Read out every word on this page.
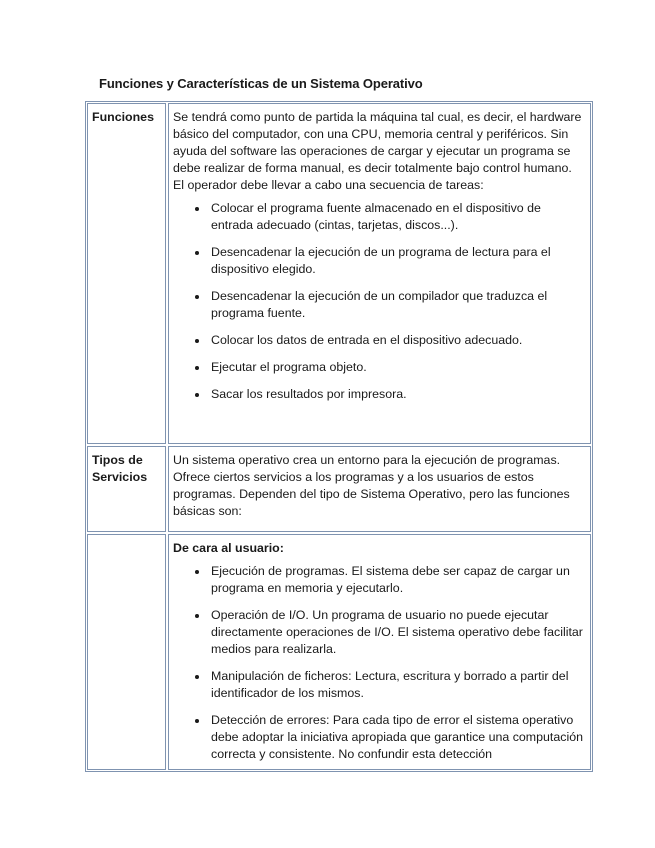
Funciones y Características de un Sistema Operativo
Funciones	Se tendrá como punto de partida la máquina tal cual, es decir, el hardware básico del computador, con una CPU, memoria central y periféricos. Sin ayuda del software las operaciones de cargar y ejecutar un programa se debe realizar de forma manual, es decir totalmente bajo control humano. El operador debe llevar a cabo una secuencia de tareas:

Colocar el programa fuente almacenado en el dispositivo de entrada adecuado (cintas, tarjetas, discos...).
Desencadenar la ejecución de un programa de lectura para el dispositivo elegido.
Desencadenar la ejecución de un compilador que traduzca el programa fuente.
Colocar los datos de entrada en el dispositivo adecuado.
Ejecutar el programa objeto.
Sacar los resultados por impresora.
Tipos de Servicios

Un sistema operativo crea un entorno para la ejecución de programas. Ofrece ciertos servicios a los programas y a los usuarios de estos programas. Dependen del tipo de Sistema Operativo, pero las funciones básicas son:

De cara al usuario:

Ejecución de programas. El sistema debe ser capaz de cargar un programa en memoria y ejecutarlo.
Operación de I/O. Un programa de usuario no puede ejecutar directamente operaciones de I/O. El sistema operativo debe facilitar medios para realizarla.
Manipulación de ficheros: Lectura, escritura y borrado a partir del identificador de los mismos.
Detección de errores: Para cada tipo de error el sistema operativo debe adoptar la iniciativa apropiada que garantice una computación correcta y consistente. No confundir esta detección
